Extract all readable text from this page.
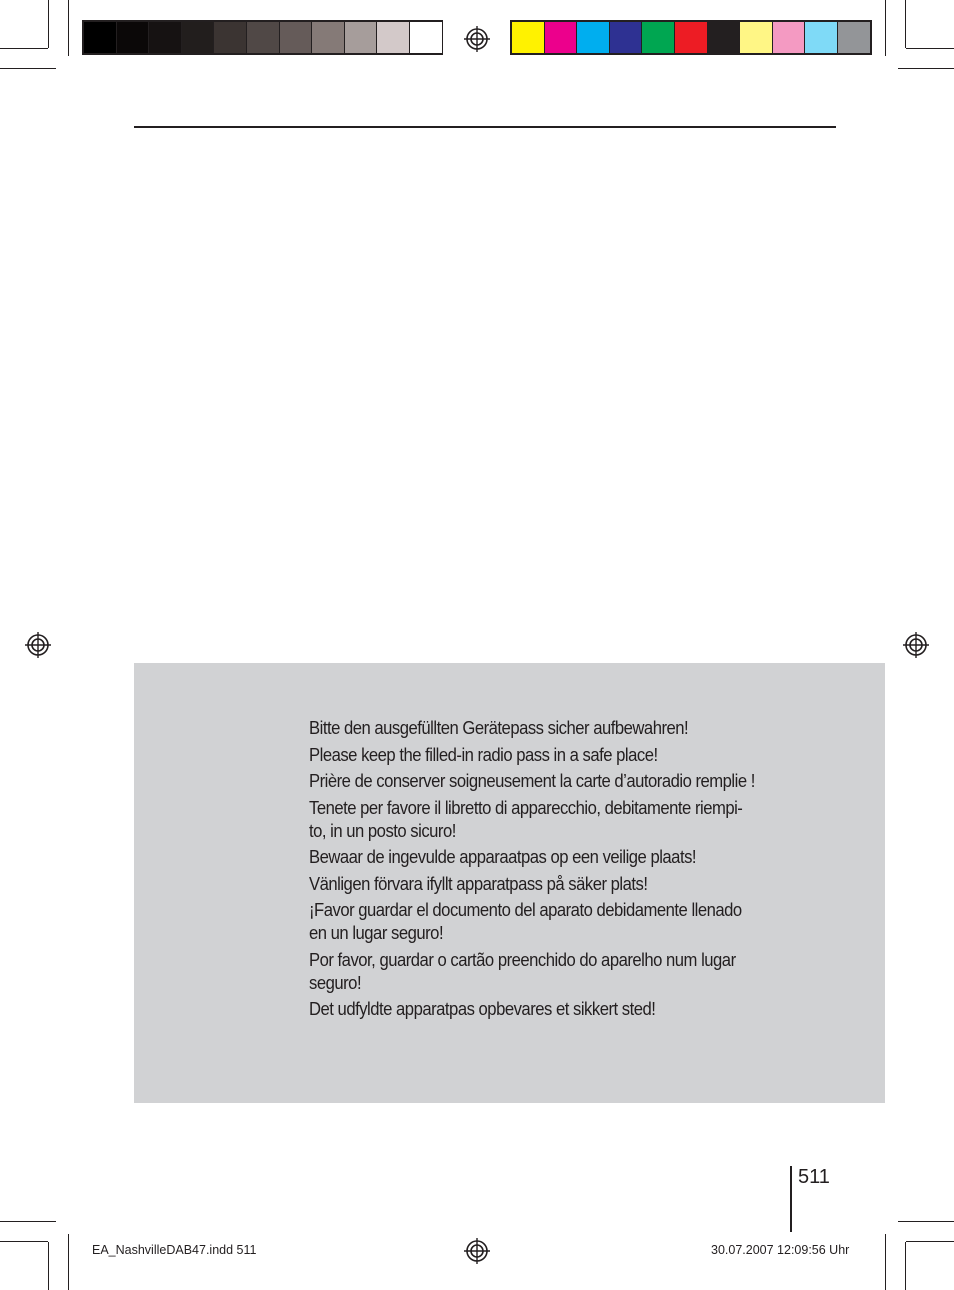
Bitte den ausgefüllten Gerätepass sicher aufbewahren!

Please keep the filled-in radio pass in a safe place!

Prière de conserver soigneusement la carte d’autoradio remplie !

Tenete per favore il libretto di apparecchio, debitamente riempi-
to, in un posto sicuro!

Bewaar de ingevulde apparaatpas op een veilige plaats!

Vänligen förvara ifyllt apparatpass på säker plats!

¡Favor guardar el documento del aparato debidamente llenado
en un lugar seguro!

Por favor, guardar o cartão preenchido do aparelho num lugar
seguro!

Det udfyldte apparatpas opbevares et sikkert sted!

511
EA_NashvilleDAB47.indd 511	30.07.2007 12:09:56 Uhr
